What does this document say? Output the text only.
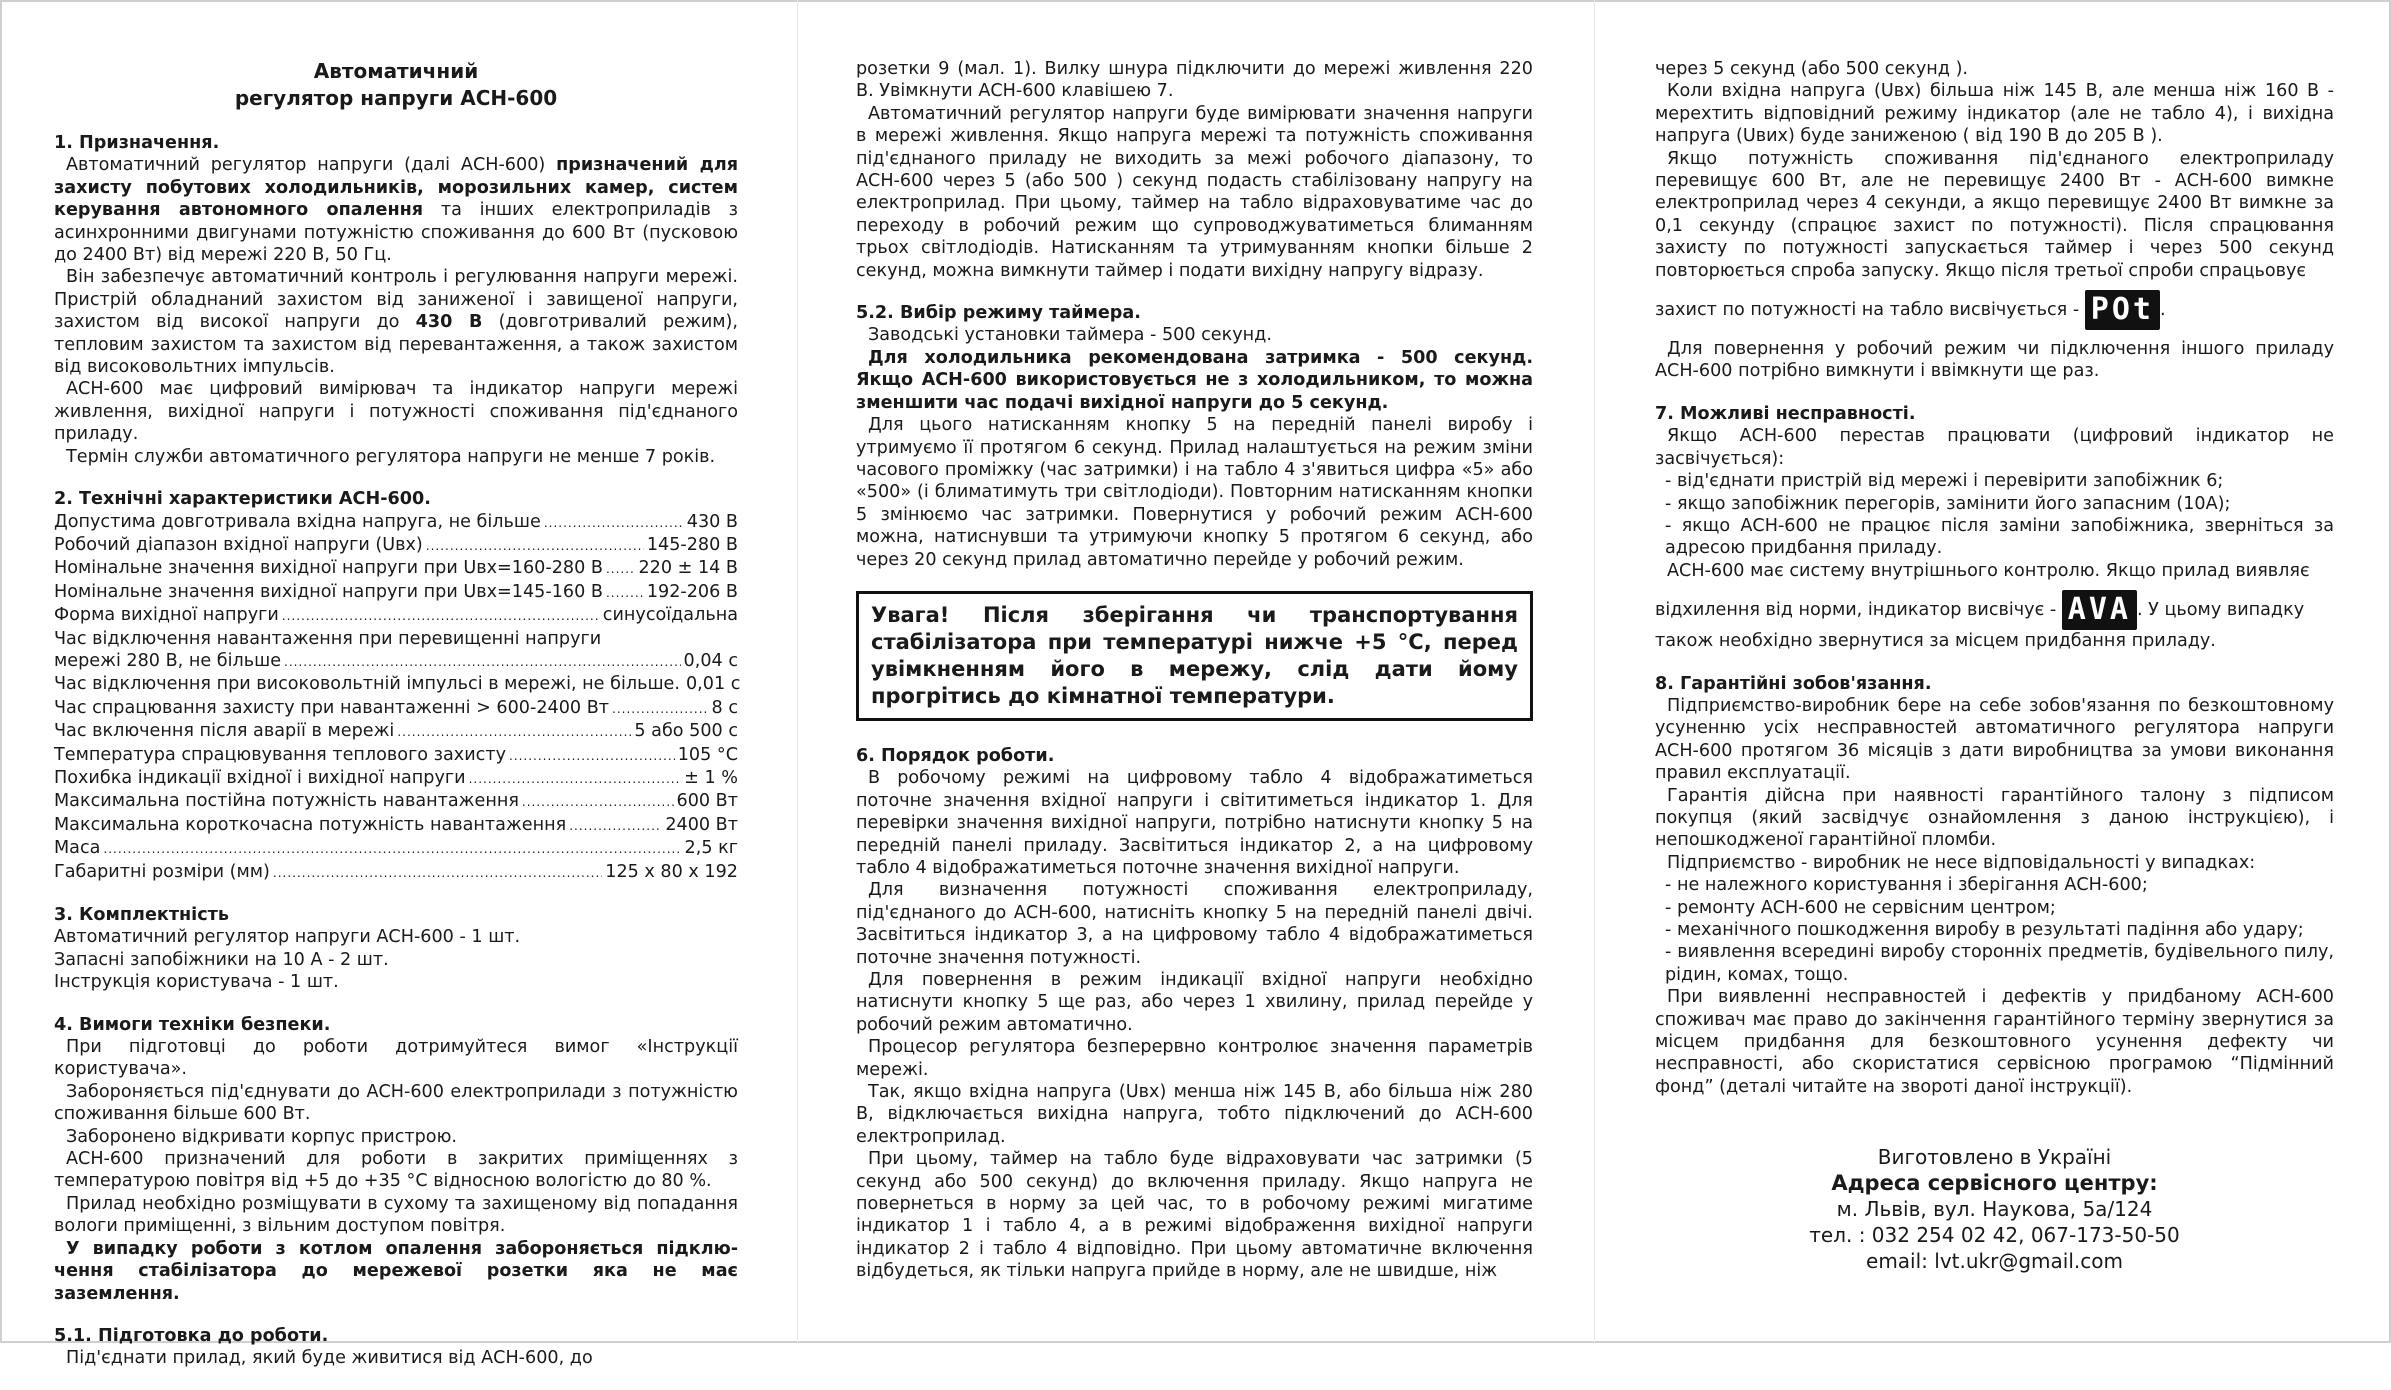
Автоматичний
регулятор напруги АСН-600
1. Призначення.

Автоматичний регулятор напруги (далі АСН-600) призначений для захисту побутових холодильників, морозильних камер, систем керування автономного опалення та інших електроприладів з асинхронними двигунами потужністю споживання до 600 Вт (пусковою до 2400 Вт) від мережі 220 В, 50 Гц.

Він забезпечує автоматичний контроль і регулювання напруги мережі. Пристрій обладнаний захистом від заниженої і завищеної напруги, захистом від високої напруги до 430 В (довготривалий режим), тепловим захистом та захистом від перевантаження, а також захистом від високовольтних імпульсів.

АСН-600 має цифровий вимірювач та індикатор напруги мережі живлення, вихідної напруги і потужності споживання під'єднаного приладу.

Термін служби автоматичного регулятора напруги не менше 7 років.

2. Технічні характеристики АСН-600.
Допустима довготривала вхідна напруга, не більше .....	430 В
Робочий діапазон вхідної напруги (Uвх) .....	145-280 В
Номінальне значення вихідної напруги при Uвх=160-280 В ..... 220 ± 14 В
Номінальне значення вихідної напруги при Uвх=145-160 В ..... 192-206 В
Форма вихідної напруги .....	синусоїдальна
Час відключення навантаження при перевищенні напруги
мережі 280 В, не більше .....	0,04 с
Час відключення при високовольтній імпульсі в мережі, не більше. 0,01 с
Час спрацювання захисту при навантаженні > 600-2400 Вт .....	8 с
Час включення після аварії в мережі .....	5 або 500 с
Температура спрацювування теплового захисту .....	105 °С
Похибка індикації вхідної і вихідної напруги .....	± 1 %
Максимальна постійна потужність навантаження .....	600 Вт
Максимальна короткочасна потужність навантаження .....	2400 Вт
Маса .....	2,5 кг
Габаритні розміри (мм) .....	125 х 80 х 192
3. Комплектність
Автоматичний регулятор напруги АСН-600 - 1 шт.
Запасні запобіжники на 10 А - 2 шт.
Інструкція користувача - 1 шт.
4. Вимоги техніки безпеки.

При підготовці до роботи дотримуйтеся вимог «Інструкції користувача».

Забороняється під'єднувати до АСН-600 електроприлади з потужністю споживання більше 600 Вт.

Заборонено відкривати корпус пристрою.

АСН-600 призначений для роботи в закритих приміщеннях з температурою повітря від +5 до +35 °С відносною вологістю до 80 %.

Прилад необхідно розміщувати в сухому та захищеному від попадання вологи приміщенні, з вільним доступом повітря.

У випадку роботи з котлом опалення забороняється підклю-чення стабілізатора до мережевої розетки яка не має заземлення.

5.1. Підготовка до роботи.

Під'єднати прилад, який буде живитися від АСН-600, до

розетки 9 (мал. 1). Вилку шнура підключити до мережі живлення 220 В. Увімкнути АСН-600 клавішею 7.

Автоматичний регулятор напруги буде вимірювати значення напруги в мережі живлення. Якщо напруга мережі та потужність споживання під'єднаного приладу не виходить за межі робочого діапазону, то АСН-600 через 5 (або 500 ) секунд подасть стабілізовану напругу на електроприлад. При цьому, таймер на табло відраховуватиме час до переходу в робочий режим що супроводжуватиметься блиманням трьох світлодіодів. Натисканням та утримуванням кнопки більше 2 секунд, можна вимкнути таймер і подати вихідну напругу відразу.

5.2. Вибір режиму таймера.

Заводські установки таймера - 500 секунд.

Для холодильника рекомендована затримка - 500 секунд. Якщо АСН-600 використовується не з холодильником, то можна зменшити час подачі вихідної напруги до 5 секунд.

Для цього натисканням кнопку 5 на передній панелі виробу і утримуємо її протягом 6 секунд. Прилад налаштується на режим зміни часового проміжку (час затримки) і на табло 4 з'явиться цифра «5» або «500» (і блиматимуть три світлодіоди). Повторним натисканням кнопки 5 змінюємо час затримки. Повернутися у робочий режим АСН-600 можна, натиснувши та утримуючи кнопку 5 протягом 6 секунд, або через 20 секунд прилад автоматично перейде у робочий режим.

Увага! Після зберігання чи транспортування стабілізатора при температурі нижче +5 °С, перед увімкненням його в мережу, слід дати йому прогрітись до кімнатної температури.
6. Порядок роботи.

В робочому режимі на цифровому табло 4 відображатиметься поточне значення вхідної напруги і світитиметься індикатор 1. Для перевірки значення вихідної напруги, потрібно натиснути кнопку 5 на передній панелі приладу. Засвітиться індикатор 2, а на цифровому табло 4 відображатиметься поточне значення вихідної напруги.

Для визначення потужності споживання електроприладу, під'єднаного до АСН-600, натисніть кнопку 5 на передній панелі двічі. Засвітиться індикатор 3, а на цифровому табло 4 відображатиметься поточне значення потужності.

Для повернення в режим індикації вхідної напруги необхідно натиснути кнопку 5 ще раз, або через 1 хвилину, прилад перейде у робочий режим автоматично.

Процесор регулятора безперервно контролює значення параметрів мережі.

Так, якщо вхідна напруга (Uвх) менша ніж 145 В, або більша ніж 280 В, відключається вихідна напруга, тобто підключений до АСН-600 електроприлад.

При цьому, таймер на табло буде відраховувати час затримки (5 секунд або 500 секунд) до включення приладу. Якщо напруга не повернеться в норму за цей час, то в робочому режимі мигатиме індикатор 1 і табло 4, а в режимі відображення вихідної напруги індикатор 2 і табло 4 відповідно. При цьому автоматичне включення відбудеться, як тільки напруга прийде в норму, але не швидше, ніж

через 5 секунд (або 500 секунд ).

Коли вхідна напруга (Uвх) більша ніж 145 В, але менша ніж 160 В - мерехтить відповідний режиму індикатор (але не табло 4), і вихідна напруга (Uвих) буде заниженою ( від 190 В до 205 В ).

Якщо потужність споживання під'єднаного електроприладу перевищує 600 Вт, але не перевищує 2400 Вт - АСН-600 вимкне електроприлад через 4 секунди, а якщо перевищує 2400 Вт вимкне за 0,1 секунду (спрацює захист по потужності). Після спрацювання захисту по потужності запускається таймер і через 500 секунд повторюється спроба запуску. Якщо після третьої спроби спрацьовує

захист по потужності на табло висвічується - POt .

Для повернення у робочий режим чи підключення іншого приладу АСН-600 потрібно вимкнути і ввімкнути ще раз.

7. Можливі несправності.

Якщо АСН-600 перестав працювати (цифровий індикатор не засвічується):

- від'єднати пристрій від мережі і перевірити запобіжник 6;

- якщо запобіжник перегорів, замінити його запасним (10А);

- якщо АСН-600 не працює після заміни запобіжника, зверніться за адресою придбання приладу.

АСН-600 має систему внутрішнього контролю. Якщо прилад виявляє

відхилення від норми, індикатор висвічує - AVA . У цьому випадку також необхідно звернутися за місцем придбання приладу.
8. Гарантійні зобов'язання.

Підприємство-виробник бере на себе зобов'язання по безкоштовному усуненню усіх несправностей автоматичного регулятора напруги АСН-600 протягом 36 місяців з дати виробництва за умови виконання правил експлуатації.

Гарантія дійсна при наявності гарантійного талону з підписом покупця (який засвідчує ознайомлення з даною інструкцією), і непошкодженої гарантійної пломби.

Підприємство - виробник не несе відповідальності у випадках:

- не належного користування і зберігання АСН-600;

- ремонту АСН-600 не сервісним центром;

- механічного пошкодження виробу в результаті падіння або удару;

- виявлення всередині виробу сторонніх предметів, будівельного пилу, рідин, комах, тощо.

При виявленні несправностей і дефектів у придбаному АСН-600 споживач має право до закінчення гарантійного терміну звернутися за місцем придбання для безкоштовного усунення дефекту чи несправності, або скористатися сервісною програмою “Підмінний фонд” (деталі читайте на звороті даної інструкції).

Виготовлено в Україні
Адреса сервісного центру:
м. Львів, вул. Наукова, 5а/124
тел. : 032 254 02 42, 067-173-50-50
email: lvt.ukr@gmail.com
